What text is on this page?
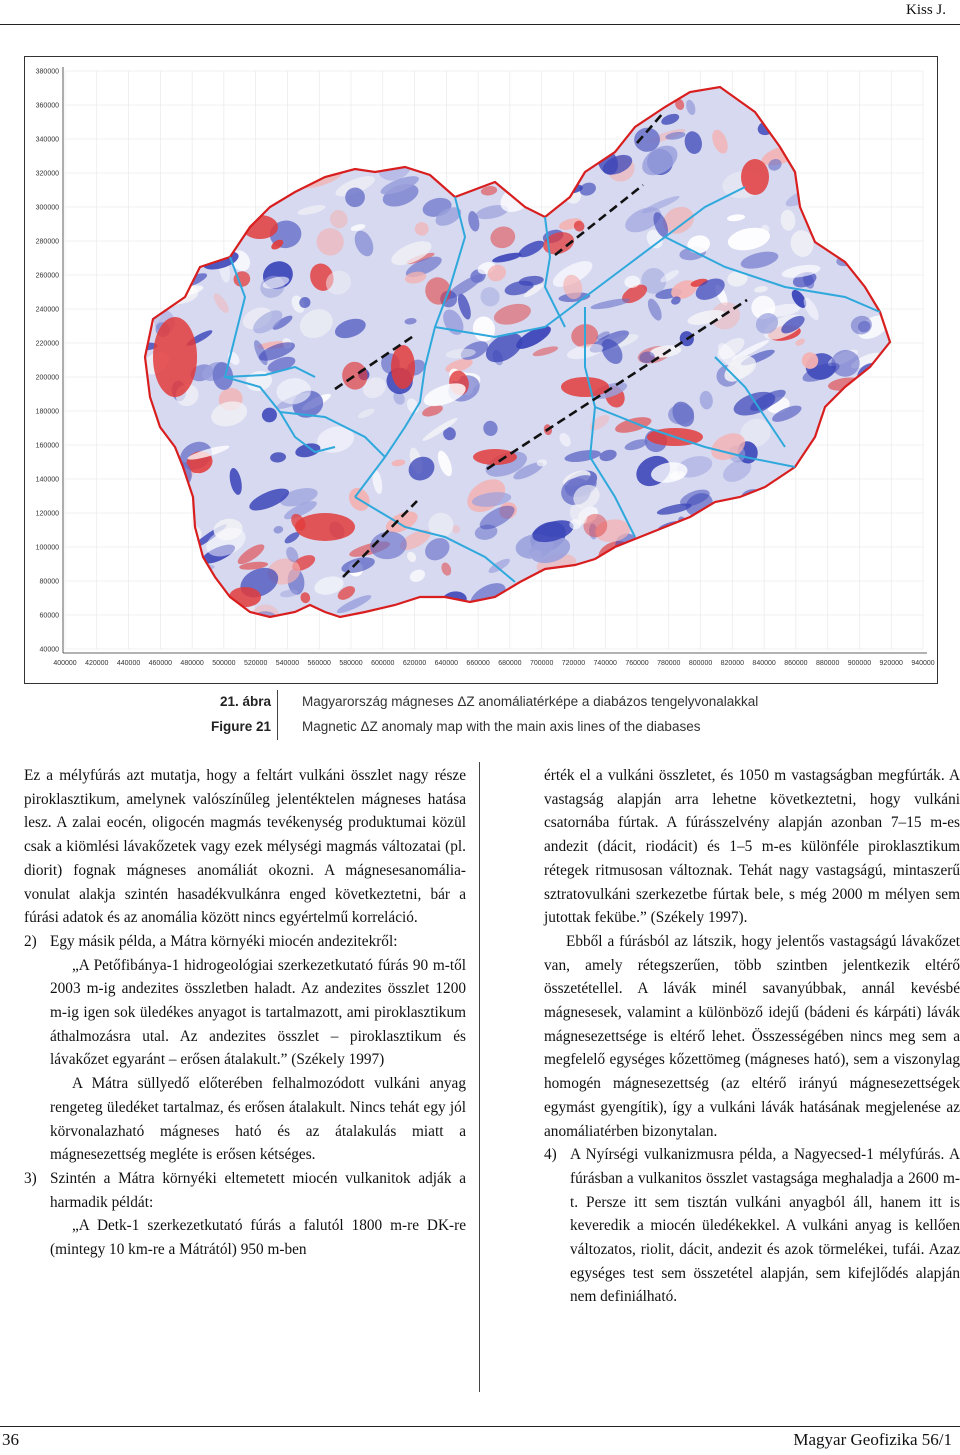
Kiss J.
380000
360000
340000
320000
300000
280000
260000
240000
220000
200000
180000
160000
140000
120000
100000
80000
60000
40000
400000 420000 440000 460000 480000 500000 520000 540000 560000 580000 600000 620000 640000 660000 680000 700000 720000 740000 760000 780000 800000 820000 840000 860000 880000 900000 920000 940000
21. ábra Magyarország mágneses ΔZ anomáliatérképe a diabázos tengelyvonalakkal
Figure 21 Magnetic ΔZ anomaly map with the main axis lines of the diabases

Ez a mélyfúrás azt mutatja, hogy a feltárt vulkáni összlet nagy része piroklasztikum, amelynek valószínűleg jelentéktelen mágneses hatása lesz. A zalai eocén, oligocén magmás tevékenység produktumai közül csak a kiömlési lávakőzetek vagy ezek mélységi magmás változatai (pl. diorit) fognak mágneses anomáliát okozni. A mágnesesanomália-vonulat alakja szintén hasadékvulkánra enged következtetni, bár a fúrási adatok és az anomália között nincs egyértelmű korreláció.

2) Egy másik példa, a Mátra környéki miocén andezitekről:

„A Petőfibánya-1 hidrogeológiai szerkezetkutató fúrás 90 m-től 2003 m-ig andezites összletben haladt. Az andezites összlet 1200 m-ig igen sok üledékes anyagot is tartalmazott, ami piroklasztikum áthalmozásra utal. Az andezites összlet – piroklasztikum és lávakőzet egyaránt – erősen átalakult.” (Székely 1997)

A Mátra süllyedő előterében felhalmozódott vulkáni anyag rengeteg üledéket tartalmaz, és erősen átalakult. Nincs tehát egy jól körvonalazható mágneses ható és az átalakulás miatt a mágnesezettség megléte is erősen kétséges.

3) Szintén a Mátra környéki eltemetett miocén vulkanitok adják a harmadik példát:

„A Detk-1 szerkezetkutató fúrás a falutól 1800 m-re DK-re (mintegy 10 km-re a Mátrától) 950 m-ben

érték el a vulkáni összletet, és 1050 m vastagságban megfúrták. A vastagság alapján arra lehetne következtetni, hogy vulkáni csatornába fúrtak. A fúrásszelvény alapján azonban 7–15 m-es andezit (dácit, riodácit) és 1–5 m-es különféle piroklasztikum rétegek ritmusosan változnak. Tehát nagy vastagságú, mintaszerű sztratovulkáni szerkezetbe fúrtak bele, s még 2000 m mélyen sem jutottak fekübe.” (Székely 1997).

Ebből a fúrásból az látszik, hogy jelentős vastagságú lávakőzet van, amely rétegszerűen, több szintben jelentkezik eltérő összetétellel. A lávák minél savanyúbbak, annál kevésbé mágnesesek, valamint a különböző idejű (bádeni és kárpáti) lávák mágnesezettsége is eltérő lehet. Összességében nincs meg sem a megfelelő egységes kőzettömeg (mágneses ható), sem a viszonylag homogén mágnesezettség (az eltérő irányú mágnesezettségek egymást gyengítik), így a vulkáni lávák hatásának megjelenése az anomáliatérben bizonytalan.

4) A Nyírségi vulkanizmusra példa, a Nagyecsed-1 mélyfúrás. A fúrásban a vulkanitos összlet vastagsága meghaladja a 2600 m-t. Persze itt sem tisztán vulkáni anyagból áll, hanem itt is keveredik a miocén üledékekkel. A vulkáni anyag is kellően változatos, riolit, dácit, andezit és azok törmelékei, tufái. Azaz egységes test sem összetétel alapján, sem kifejlődés alapján nem definiálható.

36	Magyar Geofizika 56/1
